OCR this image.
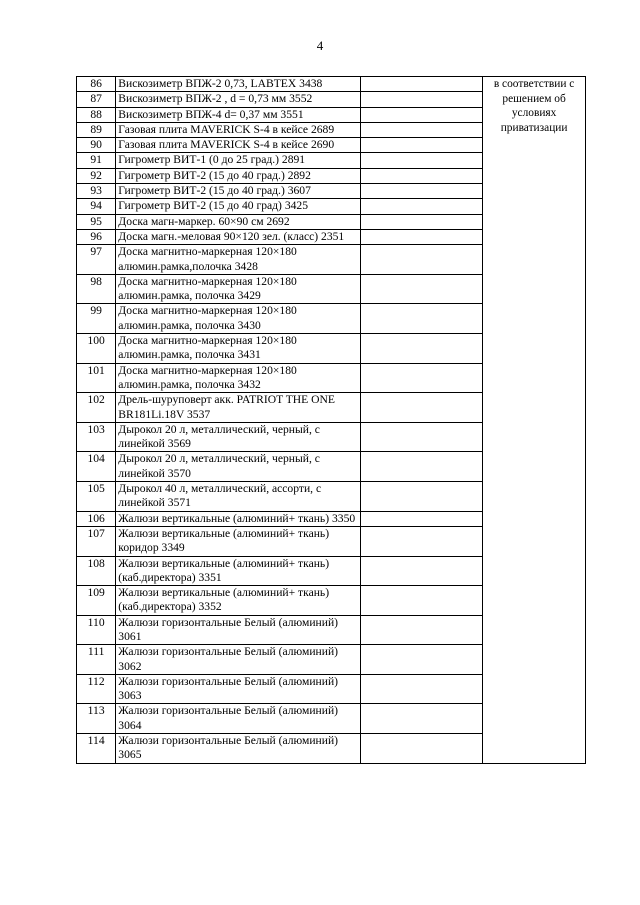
4
86	Вискозиметр ВПЖ-2 0,73, LABTEX 3438		в соответствии с решением об условиях приватизации
87	Вискозиметр ВПЖ-2 , d = 0,73 мм 3552		
88	Вискозиметр ВПЖ-4 d= 0,37 мм 3551		
89	Газовая плита MAVERICK S-4 в кейсе 2689		
90	Газовая плита MAVERICK S-4 в кейсе 2690		
91	Гигрометр ВИТ-1 (0 до 25 град.) 2891		
92	Гигрометр ВИТ-2 (15 до 40 град.) 2892		
93	Гигрометр ВИТ-2 (15 до 40 град.) 3607		
94	Гигрометр ВИТ-2 (15 до 40 град) 3425		
95	Доска магн-маркер. 60×90 см 2692		
96	Доска магн.-меловая 90×120 зел. (класс) 2351		
97	Доска магнитно-маркерная 120×180 алюмин.рамка,полочка 3428		
98	Доска магнитно-маркерная 120×180 алюмин.рамка, полочка 3429		
99	Доска магнитно-маркерная 120×180 алюмин.рамка, полочка 3430		
100	Доска магнитно-маркерная 120×180 алюмин.рамка, полочка 3431		
101	Доска магнитно-маркерная 120×180 алюмин.рамка, полочка 3432		
102	Дрель-шуруповерт акк. PATRIOT THE ONE BR181Li.18V 3537		
103	Дырокол 20 л, металлический, черный, с линейкой 3569		
104	Дырокол 20 л, металлический, черный, с линейкой 3570		
105	Дырокол 40 л, металлический, ассорти, с линейкой 3571		
106	Жалюзи вертикальные (алюминий+ ткань) 3350		
107	Жалюзи вертикальные (алюминий+ ткань) коридор 3349		
108	Жалюзи вертикальные (алюминий+ ткань) (каб.директора) 3351		
109	Жалюзи вертикальные (алюминий+ ткань) (каб.директора) 3352		
110	Жалюзи горизонтальные Белый (алюминий) 3061		
111	Жалюзи горизонтальные Белый (алюминий) 3062		
112	Жалюзи горизонтальные Белый (алюминий) 3063		
113	Жалюзи горизонтальные Белый (алюминий) 3064		
114	Жалюзи горизонтальные Белый (алюминий) 3065		
